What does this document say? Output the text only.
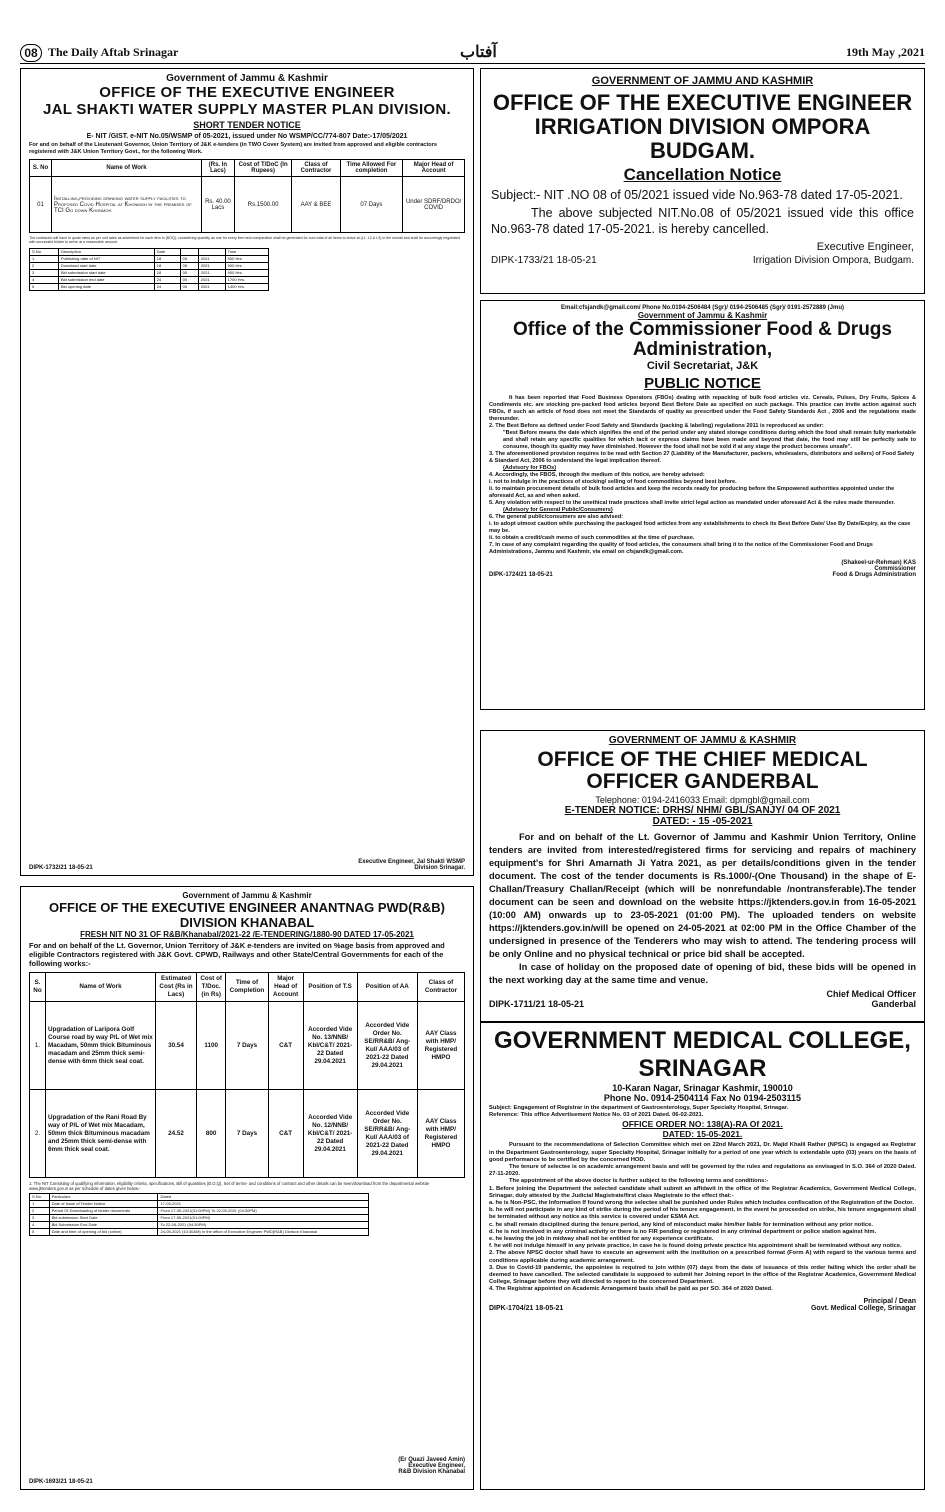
08 The Daily Aftab Srinagar	آفتاب	19th May ,2021
Government of Jammu & Kashmir
OFFICE OF THE EXECUTIVE ENGINEER
JAL SHAKTI WATER SUPPLY MASTER PLAN DIVISION.
SHORT TENDER NOTICE
E- NIT /GIST. e-NIT No.05/WSMP of 05-2021, issued under No WSMP/CC/774-807 Date:-17/05/2021
For and on behalf of the Lieutenant Governor, Union Territory of J&K e-tenders (in TWO Cover System) are invited from approved and eligible contractors registered with J&K Union Territory Govt., for the following Work.
S. No	Name of Work	(Rs. In Lacs)	Cost of T/DoC (In Rupees)	Class of Contractor	Time Allowed For completion	Major Head of Account
01	Installing,providing drinking water supply facilities to Proposed Covid Hospital at Khonmoh in the premises of TCI Go down Khonmoh	Rs. 40.00 Lacs	Rs.1500.00	AAY & BEE	07 Days	Under SDRF/DRDO/ COVID

The contractor will have to quote rates as per unit rates as advertised for each item in (BOQ); considering quantity as one for every item and comparative shall be generated for sum total of all items to arrive at (L1, L2 & L3) in the overall and shall be accordingly negotiated with successful bidder to arrive at a reasonable amount.

S.No.	Description	Date			Time
1	Publishing date of NIT	18	05	2021	900 Hrs.
2	Download start date	18	05	2021	900 Hrs.
3	Bid submission start date	18	05	2021	900 Hrs.
4	Bid submission end date	24	05	2021	1700 Hrs.
5	Bid opening date	24	05	2021	1400 Hrs.
DIPK-1732/21 18-05-21
Executive Engineer, Jal Shakti WSMP Division Srinagar.
GOVERNMENT OF JAMMU AND KASHMIR
OFFICE OF THE EXECUTIVE ENGINEER
IRRIGATION DIVISION OMPORA BUDGAM.
Cancellation Notice
Subject:- NIT .NO 08 of 05/2021 issued vide No.963-78 dated 17-05-2021.
The above subjected NIT.No.08 of 05/2021 issued vide this office No.963-78 dated 17-05-2021. is hereby cancelled.
Executive Engineer,
DIPK-1733/21 18-05-21	Irrigation Division Ompora, Budgam.
Email:cfsjandk@gmail.com/ Phone No.0194-2506484 (Sgr)/ 0194-2506485 (Sgr)/ 0191-2572889 (Jmu)
Government of Jammu & Kashmir
Office of the Commissioner Food & Drugs Administration,
Civil Secretariat, J&K
PUBLIC NOTICE
It has been reported that Food Business Operators (FBOs) dealing with repacking of bulk food articles viz. Cereals, Pulses, Dry Fruits, Spices & Condiments etc. are stocking pre-packed food articles beyond Best Before Date as specified on such package. This practice can invite action against such FBOs, if such an article of food does not meet the Standards of quality as prescribed under the Food Safety Standards Act , 2006 and the regulations made thereunder.
2. The Best Before as defined under Food Safety and Standards (packing & labeling) regulations 2011 is reproduced as under:
"Best Before means the date which signifies the end of the period under any stated storage conditions during which the food shall remain fully marketable and shall retain any specific qualities for which tacit or express claims have been made and beyond that date, the food may still be perfectly safe to consume, though its quality may have diminished. However the food shall not be sold if at any stage the product becomes unsafe".
3. The aforementioned provision requires to be read with Section 27 (Liability of the Manufacturer, packers, wholesalers, distributors and sellers) of Food Safety & Standard Act, 2006 to understand the legal implication thereof.
(Advisory for FBOs)
4. Accordingly, the FBOS, through the medium of this notice, are hereby advised:
i. not to indulge in the practices of stocking/ selling of food commodities beyond best before.
ii. to maintain procurement details of bulk food articles and keep the records ready for producing before the Empowered authorities appointed under the aforesaid Act, as and when asked.
5. Any violation with respect to the unethical trade practices shall invite strict legal action as mandated under aforesaid Act & the rules made thereunder.
(Advisory for General Public/Consumers)
6. The general public/consumers are also advised:
i. to adopt utmost caution while purchasing the packaged food articles from any establishments to check its Best Before Date/ Use By Date/Expiry, as the case may be.
ii. to obtain a credit/cash memo of such commodities at the time of purchase.
7. In case of any complaint regarding the quality of food articles, the consumers shall bring it to the notice of the Commissioner Food and Drugs Administrations, Jammu and Kashmir, via email on cfsjandk@gmail.com.
(Shakeel-ur-Rehman) KAS
Commissioner
DIPK-1724/21 18-05-21	Food & Drugs Administration
GOVERNMENT OF JAMMU & KASHMIR
OFFICE OF THE CHIEF MEDICAL OFFICER GANDERBAL
Telephone: 0194-2416033 Email: dpmgbl@gmail.com
E-TENDER NOTICE: DRHS/ NHM/ GBL/SANJY/ 04 OF 2021
DATED: - 15 -05-2021
For and on behalf of the Lt. Governor of Jammu and Kashmir Union Territory, Online tenders are invited from interested/registered firms for servicing and repairs of machinery equipment's for Shri Amarnath Ji Yatra 2021, as per details/conditions given in the tender document. The cost of the tender documents is Rs.1000/-(One Thousand) in the shape of E-Challan/Treasury Challan/Receipt (which will be nonrefundable /nontransferable).The tender document can be seen and download on the website https://jktenders.gov.in from 16-05-2021 (10:00 AM) onwards up to 23-05-2021 (01:00 PM). The uploaded tenders on website https://jktenders.gov.in/will be opened on 24-05-2021 at 02:00 PM in the Office Chamber of the undersigned in presence of the Tenderers who may wish to attend. The tendering process will be only Online and no physical technical or price bid shall be accepted.
In case of holiday on the proposed date of opening of bid, these bids will be opened in the next working day at the same time and venue.
Chief Medical Officer
DIPK-1711/21 18-05-21	Ganderbal
Government of Jammu & Kashmir
OFFICE OF THE EXECUTIVE ENGINEER ANANTNAG PWD(R&B) DIVISION KHANABAL
FRESH NIT NO 31 OF R&B/Khanabal/2021-22 /E-TENDERING/1880-90 DATED 17-05-2021
For and on behalf of the Lt. Governor, Union Territory of J&K e-tenders are invited on %age basis from approved and eligible Contractors registered with J&K Govt. CPWD, Railways and other State/Central Governments for each of the following works:-
S. No	Name of Work	Estimated Cost (Rs in Lacs)	Cost of T/Doc. (in Rs)	Time of Completion	Major Head of Account	Position of T.S	Position of AA	Class of Contractor
1.	Upgradation of Laripora Golf Course road by way P/L of Wet mix Macadam, 50mm thick Bituminous macadam and 25mm thick semi-dense with 6mm thick seal coat.	30.54	1100	7 Days	C&T	Accorded Vide No. 13/NNB/ Kbl/C&T/ 2021-22 Dated 29.04.2021	Accorded Vide Order No. SE/RR&B/ Ang-Kul/ AAA/03 of 2021-22 Dated 29.04.2021	AAY Class with HMP/ Registered HMPO
2.	Upgradation of the Rani Road By way of P/L of Wet mix Macadam, 50mm thick Bituminous macadam and 25mm thick semi-dense with 6mm thick seal coat.	24.52	800	7 Days	C&T	Accorded Vide No. 12/NNB/ Kbl/C&T/ 2021-22 Dated 29.04.2021	Accorded Vide Order No. SE/RR&B/ Ang-Kul/ AAA/03 of 2021-22 Dated 29.04.2021	AAY Class with HMP/ Registered HMPO

1. The NIT Consisting of qualifying information, eligibility criteria, specifications, Bill of quantities (B.O.Q), Set of terms- and conditions of contract and other details can be seen/download from the departmental website www.jktenders.gov.in as per schedule of dates given below:-

S.No.	Particulars	Dated
1	Date of Issue of Tender Notice	17-05-2021
2	Period Of Downloading of bidder documents	From 17-05-2021(01:00PM) To 22-05-2021 (04:30PM)
3	Bid submission Start Date	From 17-05-2021(01:00PM)
4	Bid Submission End Date	To 22-05-2021 (04:30PM)
5	Date and time of opening of bid (online)	24-05-2021 (10:30AM) In the office of Executive Engineer PWD(R&B) Division Khanabal
(Er Quazi Javeed Amin)
Executive Engineer,
R&B Division Khanabal
DIPK-1693/21 18-05-21
GOVERNMENT MEDICAL COLLEGE, SRINAGAR
10-Karan Nagar, Srinagar Kashmir, 190010
Phone No. 0914-2504114 Fax No 0194-2503115
Subject: Engagement of Registrar in the department of Gastroenterology, Super Specialty Hospital, Srinagar.
Reference: This office Advertisement Notice No. 03 of 2021 Dated. 06-02-2021.
OFFICE ORDER NO: 138(A)-RA Of 2021.
DATED: 15-05-2021.
Pursuant to the recommendations of Selection Committee which met on 22nd March 2021, Dr. Majid Khalil Rather (NPSC) is engaged as Registrar in the Department Gastroenterology, super Specialty Hospital, Srinagar initially for a period of one year which is extendable upto (03) years on the basis of good performance to be certified by the concerned HOD.
The tenure of selectee is on academic arrangement basis and will be governed by the rules and regulations as envisaged in S.O. 364 of 2020 Dated. 27-11-2020.
The appointment of the above doctor is further subject to the following terms and conditions:-
1. Before joining the Department the selected candidate shall submit an affidavit in the office of the Registrar Academics, Government Medical College, Srinagar, duly attested by the Judicial Magistrate/first class Magistrate to the effect that:-
a. he is Non-PSC, the Information If found wrong the selectee shall be punished under Rules which includes confiscation of the Registration of the Doctor.
b. he will not participate in any kind of strike during the period of his tenure engagement, in the event he proceeded on strike, his tenure engagement shall be terminated without any notice as this service is covered under ESMA Act.
c. he shall remain disciplined during the tenure period, any kind of misconduct make him/her liable for termination without any prior notice.
d. he is not involved in any criminal activity or there is no FIR pending or registered in any criminal department or police station against him.
e. he leaving the job in midway shall not be entitled for any experience certificate.
f. he will not indulge himself in any private practice, in case he is found doing private practice his appointment shall be terminated without any notice.
2. The above NPSC doctor shall have to execute an agreement with the institution on a prescribed format (Form A) with regard to the various terms and conditions applicable during academic arrangement.
3. Due to Covid-19 pandemic, the appointee is required to join within (07) days from the date of issuance of this order failing which the order shall be deemed to have cancelled. The selected candidate is supposed to submit her Joining report in the office of the Registrar Academics, Government Medical College, Srinagar before they will directed to report to the concerned Department.
4. The Registrar appointed on Academic Arrangement basis shall be paid as per SO. 364 of 2020 Dated.
Principal / Dean
DIPK-1704/21 18-05-21	Govt. Medical College, Srinagar
